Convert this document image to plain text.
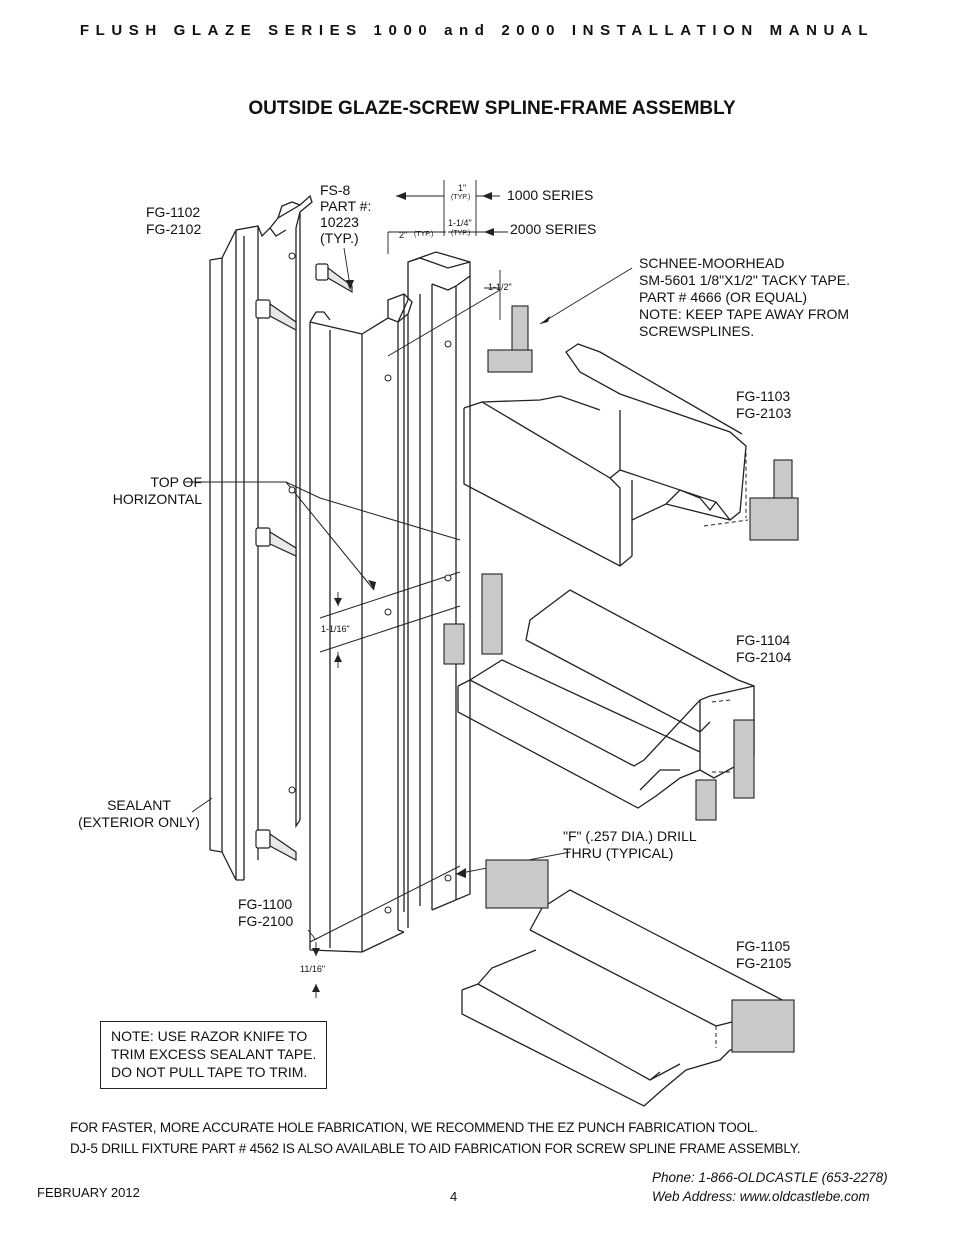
FLUSH GLAZE SERIES 1000 and 2000 INSTALLATION MANUAL
OUTSIDE GLAZE-SCREW SPLINE-FRAME ASSEMBLY
FG-1102
FG-2102
FS-8
PART #:
10223
(TYP.)
1"
(TYP.)	1000 SERIES
1-1/4"
(TYP.)
2" (TYP.)	2000 SERIES
1-1/2"
SCHNEE-MOORHEAD
SM-5601 1/8"X1/2" TACKY TAPE.
PART # 4666 (OR EQUAL)
NOTE: KEEP TAPE AWAY FROM
SCREWSPLINES.
FG-1103
FG-2103
TOP OF
HORIZONTAL
1-1/16"
FG-1104
FG-2104
SEALANT
(EXTERIOR ONLY)
"F" (.257 DIA.) DRILL
THRU (TYPICAL)
FG-1100
FG-2100
FG-1105
FG-2105
11/16"
NOTE: USE RAZOR KNIFE TO
TRIM EXCESS SEALANT TAPE.
DO NOT PULL TAPE TO TRIM.
FOR FASTER, MORE ACCURATE HOLE FABRICATION, WE RECOMMEND THE EZ PUNCH FABRICATION TOOL.
DJ-5 DRILL FIXTURE PART # 4562 IS ALSO AVAILABLE TO AID FABRICATION FOR SCREW SPLINE FRAME ASSEMBLY.
FEBRUARY 2012	4
Phone: 1-866-OLDCASTLE (653-2278)
Web Address: www.oldcastlebe.com
